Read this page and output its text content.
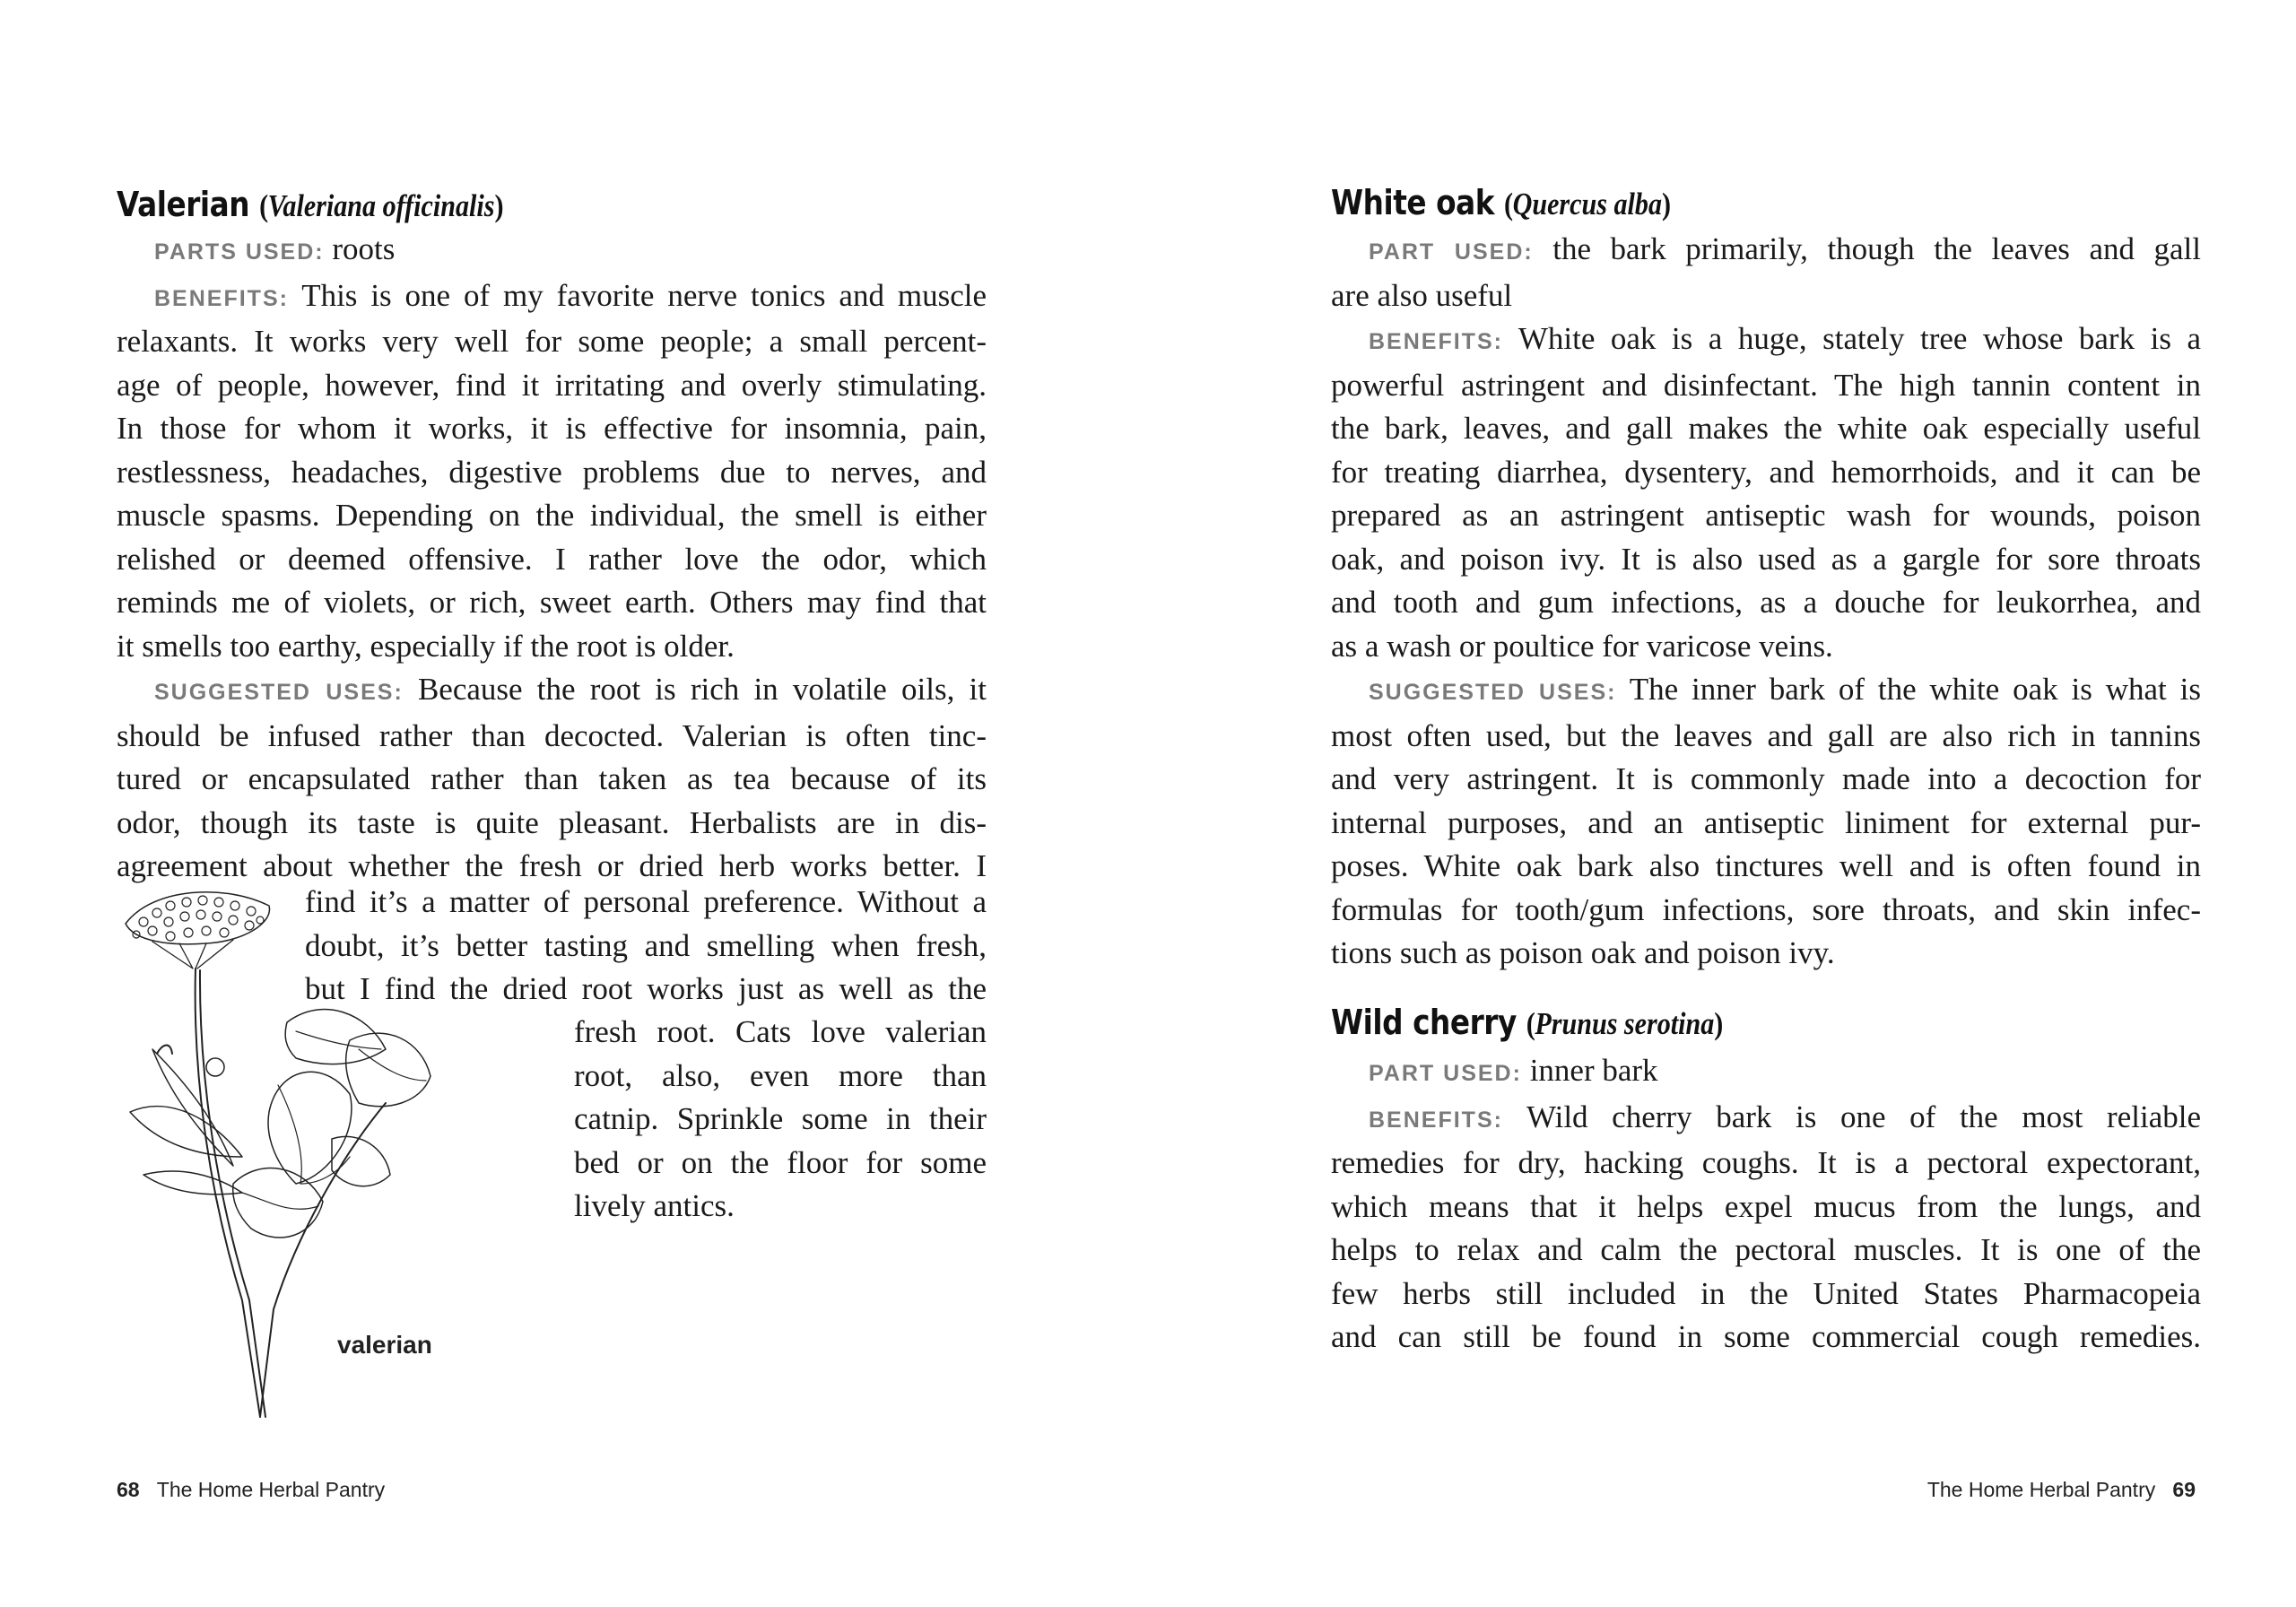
Valerian (Valeriana officinalis)
PARTS USED: roots
BENEFITS: This is one of my favorite nerve tonics and muscle
relaxants. It works very well for some people; a small percent-
age of people, however, find it irritating and overly stimulating.
In those for whom it works, it is effective for insomnia, pain,
restlessness, headaches, digestive problems due to nerves, and
muscle spasms. Depending on the individual, the smell is either
relished or deemed offensive. I rather love the odor, which
reminds me of violets, or rich, sweet earth. Others may find that
it smells too earthy, especially if the root is older.
SUGGESTED USES: Because the root is rich in volatile oils, it
should be infused rather than decocted. Valerian is often tinc-
tured or encapsulated rather than taken as tea because of its
odor, though its taste is quite pleasant. Herbalists are in dis-
agreement about whether the fresh or dried herb works better. I
find it’s a matter of personal preference. Without a
doubt, it’s better tasting and smelling when fresh,
but I find the dried root works just as well as the
fresh root. Cats love valerian
root, also, even more than
catnip. Sprinkle some in their
bed or on the floor for some
lively antics.
valerian
68 The Home Herbal Pantry
White oak (Quercus alba)
PART USED: the bark primarily, though the leaves and gall
are also useful
BENEFITS: White oak is a huge, stately tree whose bark is a
powerful astringent and disinfectant. The high tannin content in
the bark, leaves, and gall makes the white oak especially useful
for treating diarrhea, dysentery, and hemorrhoids, and it can be
prepared as an astringent antiseptic wash for wounds, poison
oak, and poison ivy. It is also used as a gargle for sore throats
and tooth and gum infections, as a douche for leukorrhea, and
as a wash or poultice for varicose veins.
SUGGESTED USES: The inner bark of the white oak is what is
most often used, but the leaves and gall are also rich in tannins
and very astringent. It is commonly made into a decoction for
internal purposes, and an antiseptic liniment for external pur-
poses. White oak bark also tinctures well and is often found in
formulas for tooth/gum infections, sore throats, and skin infec-
tions such as poison oak and poison ivy.
Wild cherry (Prunus serotina)
PART USED: inner bark
BENEFITS: Wild cherry bark is one of the most reliable
remedies for dry, hacking coughs. It is a pectoral expectorant,
which means that it helps expel mucus from the lungs, and
helps to relax and calm the pectoral muscles. It is one of the
few herbs still included in the United States Pharmacopeia
and can still be found in some commercial cough remedies.
The Home Herbal Pantry 69
